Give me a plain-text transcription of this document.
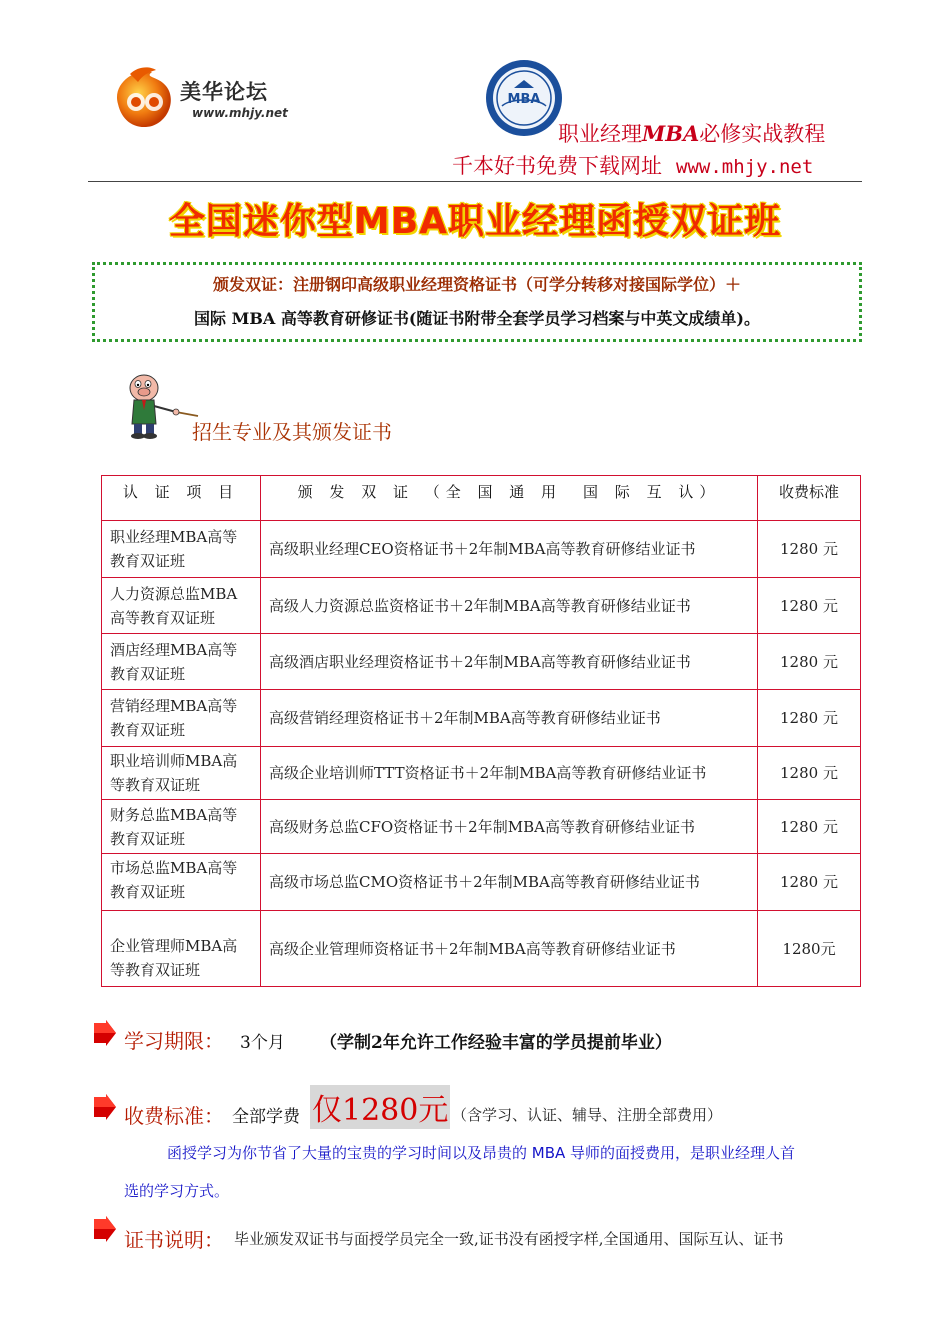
美华论坛
www.mhjy.net
MBA
职业经理MBA必修实战教程
千本好书免费下载网址 www.mhjy.net
全国迷你型MBA职业经理函授双证班
颁发双证：注册钢印高级职业经理资格证书（可学分转移对接国际学位）＋
国际 MBA 高等教育研修证书(随证书附带全套学员学习档案与中英文成绩单)。
招生专业及其颁发证书
认 证 项 目	颁 发 双 证 （全 国 通 用　国 际 互 认）	收费标准
职业经理MBA高等教育双证班	高级职业经理CEO资格证书＋2年制MBA高等教育研修结业证书	1280 元
人力资源总监MBA高等教育双证班	高级人力资源总监资格证书＋2年制MBA高等教育研修结业证书	1280 元
酒店经理MBA高等教育双证班	高级酒店职业经理资格证书＋2年制MBA高等教育研修结业证书	1280 元
营销经理MBA高等教育双证班	高级营销经理资格证书＋2年制MBA高等教育研修结业证书	1280 元
职业培训师MBA高等教育双证班	高级企业培训师TTT资格证书＋2年制MBA高等教育研修结业证书	1280 元
财务总监MBA高等教育双证班	高级财务总监CFO资格证书＋2年制MBA高等教育研修结业证书	1280 元
市场总监MBA高等教育双证班	高级市场总监CMO资格证书＋2年制MBA高等教育研修结业证书	1280 元
企业管理师MBA高等教育双证班	高级企业管理师资格证书＋2年制MBA高等教育研修结业证书	1280元
学习期限： 3个月 （学制2年允许工作经验丰富的学员提前毕业）
收费标准： 全部学费 仅1280元 （含学习、认证、辅导、注册全部费用）
函授学习为你节省了大量的宝贵的学习时间以及昂贵的 MBA 导师的面授费用，是职业经理人首
选的学习方式。
证书说明： 毕业颁发双证书与面授学员完全一致,证书没有函授字样,全国通用、国际互认、证书
